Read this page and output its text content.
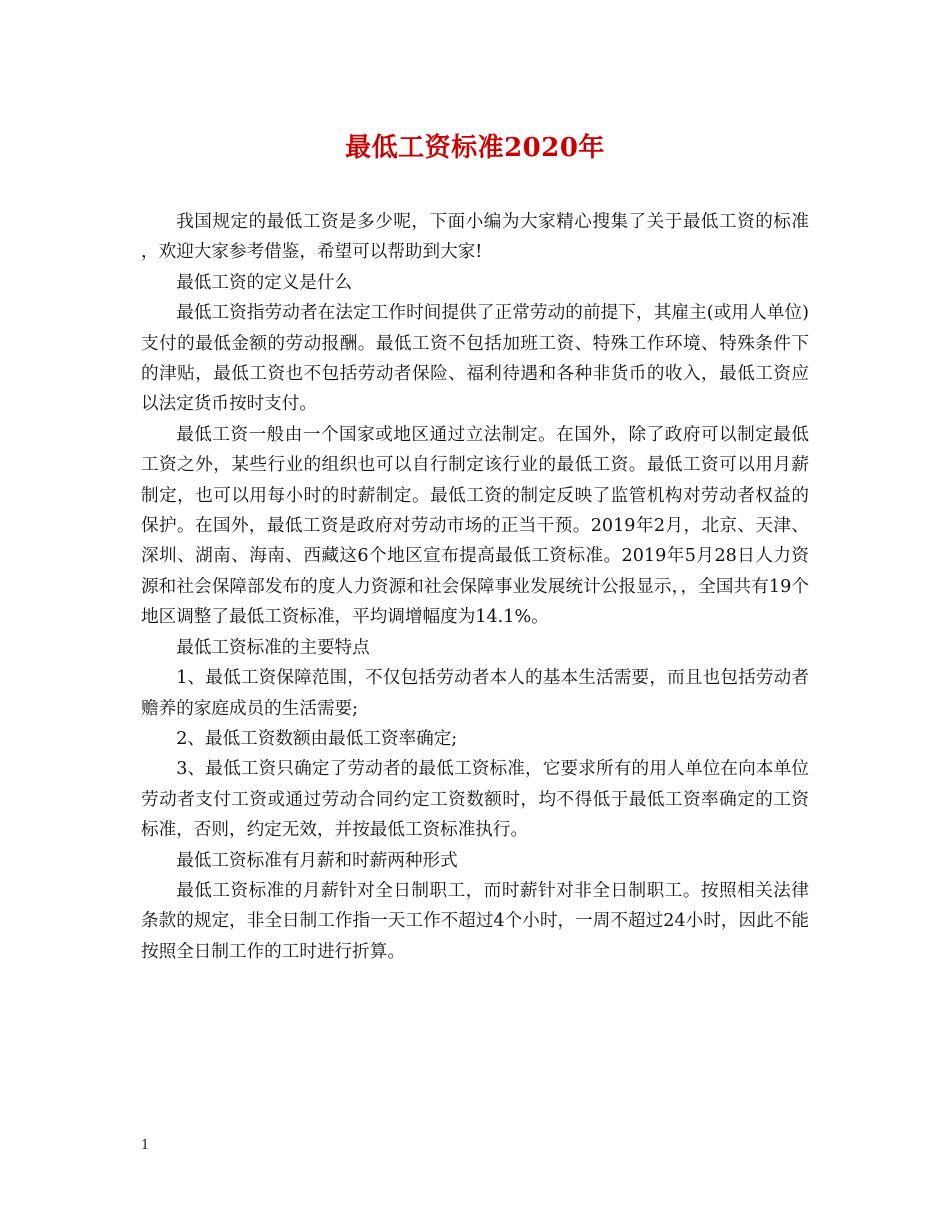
最低工资标准2020年

我国规定的最低工资是多少呢，下面小编为大家精心搜集了关于最低工资的标准，欢迎大家参考借鉴，希望可以帮助到大家!

最低工资的定义是什么

最低工资指劳动者在法定工作时间提供了正常劳动的前提下，其雇主(或用人单位)支付的最低金额的劳动报酬。最低工资不包括加班工资、特殊工作环境、特殊条件下的津贴，最低工资也不包括劳动者保险、福利待遇和各种非货币的收入，最低工资应以法定货币按时支付。

最低工资一般由一个国家或地区通过立法制定。在国外，除了政府可以制定最低工资之外，某些行业的组织也可以自行制定该行业的最低工资。最低工资可以用月薪制定，也可以用每小时的时薪制定。最低工资的制定反映了监管机构对劳动者权益的保护。在国外，最低工资是政府对劳动市场的正当干预。2019年2月，北京、天津、深圳、湖南、海南、西藏这6个地区宣布提高最低工资标准。2019年5月28日人力资源和社会保障部发布的度人力资源和社会保障事业发展统计公报显示，，全国共有19个地区调整了最低工资标准，平均调增幅度为14.1%。

最低工资标准的主要特点

1、最低工资保障范围，不仅包括劳动者本人的基本生活需要，而且也包括劳动者赡养的家庭成员的生活需要;

2、最低工资数额由最低工资率确定;

3、最低工资只确定了劳动者的最低工资标准，它要求所有的用人单位在向本单位劳动者支付工资或通过劳动合同约定工资数额时，均不得低于最低工资率确定的工资标准，否则，约定无效，并按最低工资标准执行。

最低工资标准有月薪和时薪两种形式

最低工资标准的月薪针对全日制职工，而时薪针对非全日制职工。按照相关法律条款的规定，非全日制工作指一天工作不超过4个小时，一周不超过24小时，因此不能按照全日制工作的工时进行折算。

1
